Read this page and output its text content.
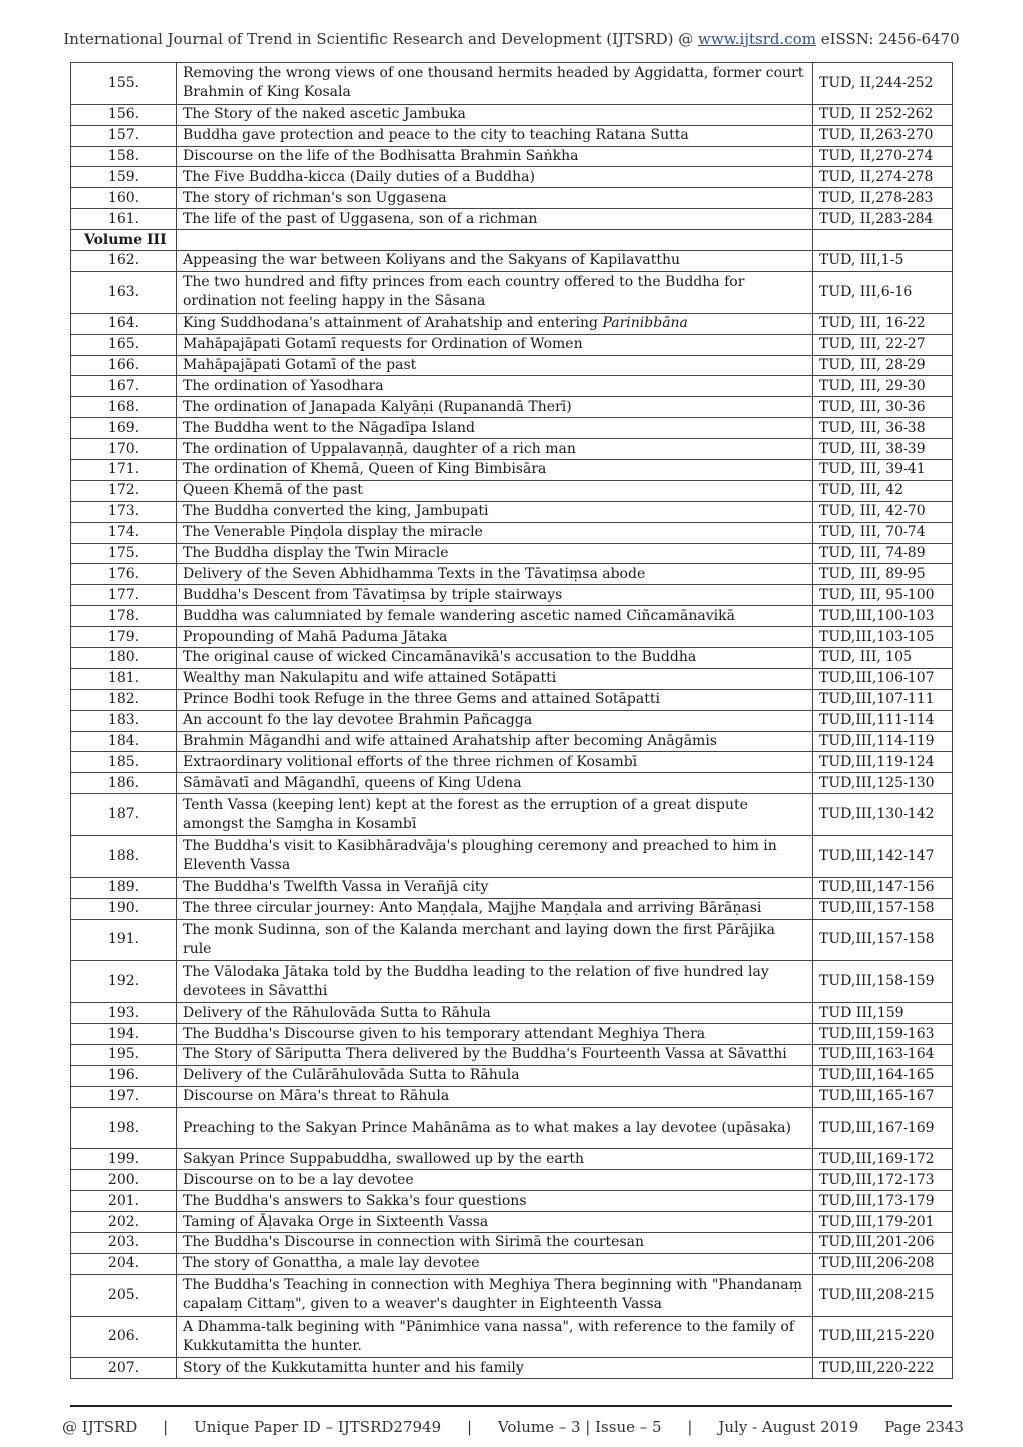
International Journal of Trend in Scientific Research and Development (IJTSRD) @ www.ijtsrd.com eISSN: 2456-6470
155.	Removing the wrong views of one thousand hermits headed by Aggidatta, former court Brahmin of King Kosala	TUD, II,244-252
156.	The Story of the naked ascetic Jambuka	TUD, II 252-262
157.	Buddha gave protection and peace to the city to teaching Ratana Sutta	TUD, II,263-270
158.	Discourse on the life of the Bodhisatta Brahmin Saṅkha	TUD, II,270-274
159.	The Five Buddha-kicca (Daily duties of a Buddha)	TUD, II,274-278
160.	The story of richman's son Uggasena	TUD, II,278-283
161.	The life of the past of Uggasena, son of a richman	TUD, II,283-284
Volume III		
162.	Appeasing the war between Koliyans and the Sakyans of Kapilavatthu	TUD, III,1-5
163.	The two hundred and fifty princes from each country offered to the Buddha for ordination not feeling happy in the Sāsana	TUD, III,6-16
164.	King Suddhodana's attainment of Arahatship and entering Parinibbāna	TUD, III, 16-22
165.	Mahāpajāpati Gotamī requests for Ordination of Women	TUD, III, 22-27
166.	Mahāpajāpati Gotamī of the past	TUD, III, 28-29
167.	The ordination of Yasodhara	TUD, III, 29-30
168.	The ordination of Janapada Kalyāṇi (Rupanandā Therī)	TUD, III, 30-36
169.	The Buddha went to the Nāgadīpa Island	TUD, III, 36-38
170.	The ordination of Uppalavaṇṇā, daughter of a rich man	TUD, III, 38-39
171.	The ordination of Khemā, Queen of King Bimbisāra	TUD, III, 39-41
172.	Queen Khemā of the past	TUD, III, 42
173.	The Buddha converted the king, Jambupati	TUD, III, 42-70
174.	The Venerable Piṇḍola display the miracle	TUD, III, 70-74
175.	The Buddha display the Twin Miracle	TUD, III, 74-89
176.	Delivery of the Seven Abhidhamma Texts in the Tāvatiṃsa abode	TUD, III, 89-95
177.	Buddha's Descent from Tāvatiṃsa by triple stairways	TUD, III, 95-100
178.	Buddha was calumniated by female wandering ascetic named Ciñcamānavikā	TUD,III,100-103
179.	Propounding of Mahā Paduma Jātaka	TUD,III,103-105
180.	The original cause of wicked Cincamānavikā's accusation to the Buddha	TUD, III, 105
181.	Wealthy man Nakulapitu and wife attained Sotāpatti	TUD,III,106-107
182.	Prince Bodhi took Refuge in the three Gems and attained Sotāpatti	TUD,III,107-111
183.	An account fo the lay devotee Brahmin Pañcagga	TUD,III,111-114
184.	Brahmin Māgandhi and wife attained Arahatship after becoming Anāgāmis	TUD,III,114-119
185.	Extraordinary volitional efforts of the three richmen of Kosambī	TUD,III,119-124
186.	Sāmāvatī and Māgandhī, queens of King Udena	TUD,III,125-130
187.	Tenth Vassa (keeping lent) kept at the forest as the erruption of a great dispute amongst the Saṃgha in Kosambī	TUD,III,130-142
188.	The Buddha's visit to Kasibhāradvāja's ploughing ceremony and preached to him in Eleventh Vassa	TUD,III,142-147
189.	The Buddha's Twelfth Vassa in Verañjā city	TUD,III,147-156
190.	The three circular journey: Anto Maṇḍala, Majjhe Maṇḍala and arriving Bārāṇasi	TUD,III,157-158
191.	The monk Sudinna, son of the Kalanda merchant and laying down the first Pārājika rule	TUD,III,157-158
192.	The Vālodaka Jātaka told by the Buddha leading to the relation of five hundred lay devotees in Sāvatthi	TUD,III,158-159
193.	Delivery of the Rāhulovāda Sutta to Rāhula	TUD III,159
194.	The Buddha's Discourse given to his temporary attendant Meghiya Thera	TUD,III,159-163
195.	The Story of Sāriputta Thera delivered by the Buddha's Fourteenth Vassa at Sāvatthi	TUD,III,163-164
196.	Delivery of the Culārāhulovāda Sutta to Rāhula	TUD,III,164-165
197.	Discourse on Māra's threat to Rāhula	TUD,III,165-167
198.	Preaching to the Sakyan Prince Mahānāma as to what makes a lay devotee (upāsaka)	TUD,III,167-169
199.	Sakyan Prince Suppabuddha, swallowed up by the earth	TUD,III,169-172
200.	Discourse on to be a lay devotee	TUD,III,172-173
201.	The Buddha's answers to Sakka's four questions	TUD,III,173-179
202.	Taming of Āḷavaka Orge in Sixteenth Vassa	TUD,III,179-201
203.	The Buddha's Discourse in connection with Sirimā the courtesan	TUD,III,201-206
204.	The story of Gonattha, a male lay devotee	TUD,III,206-208
205.	The Buddha's Teaching in connection with Meghiya Thera beginning with "Phandanaṃ capalaṃ Cittaṃ", given to a weaver's daughter in Eighteenth Vassa	TUD,III,208-215
206.	A Dhamma-talk begining with "Pānimhice vana nassa", with reference to the family of Kukkutamitta the hunter.	TUD,III,215-220
207.	Story of the Kukkutamitta hunter and his family	TUD,III,220-222
@ IJTSRD | Unique Paper ID – IJTSRD27949 | Volume – 3 | Issue – 5 | July - August 2019 Page 2343
